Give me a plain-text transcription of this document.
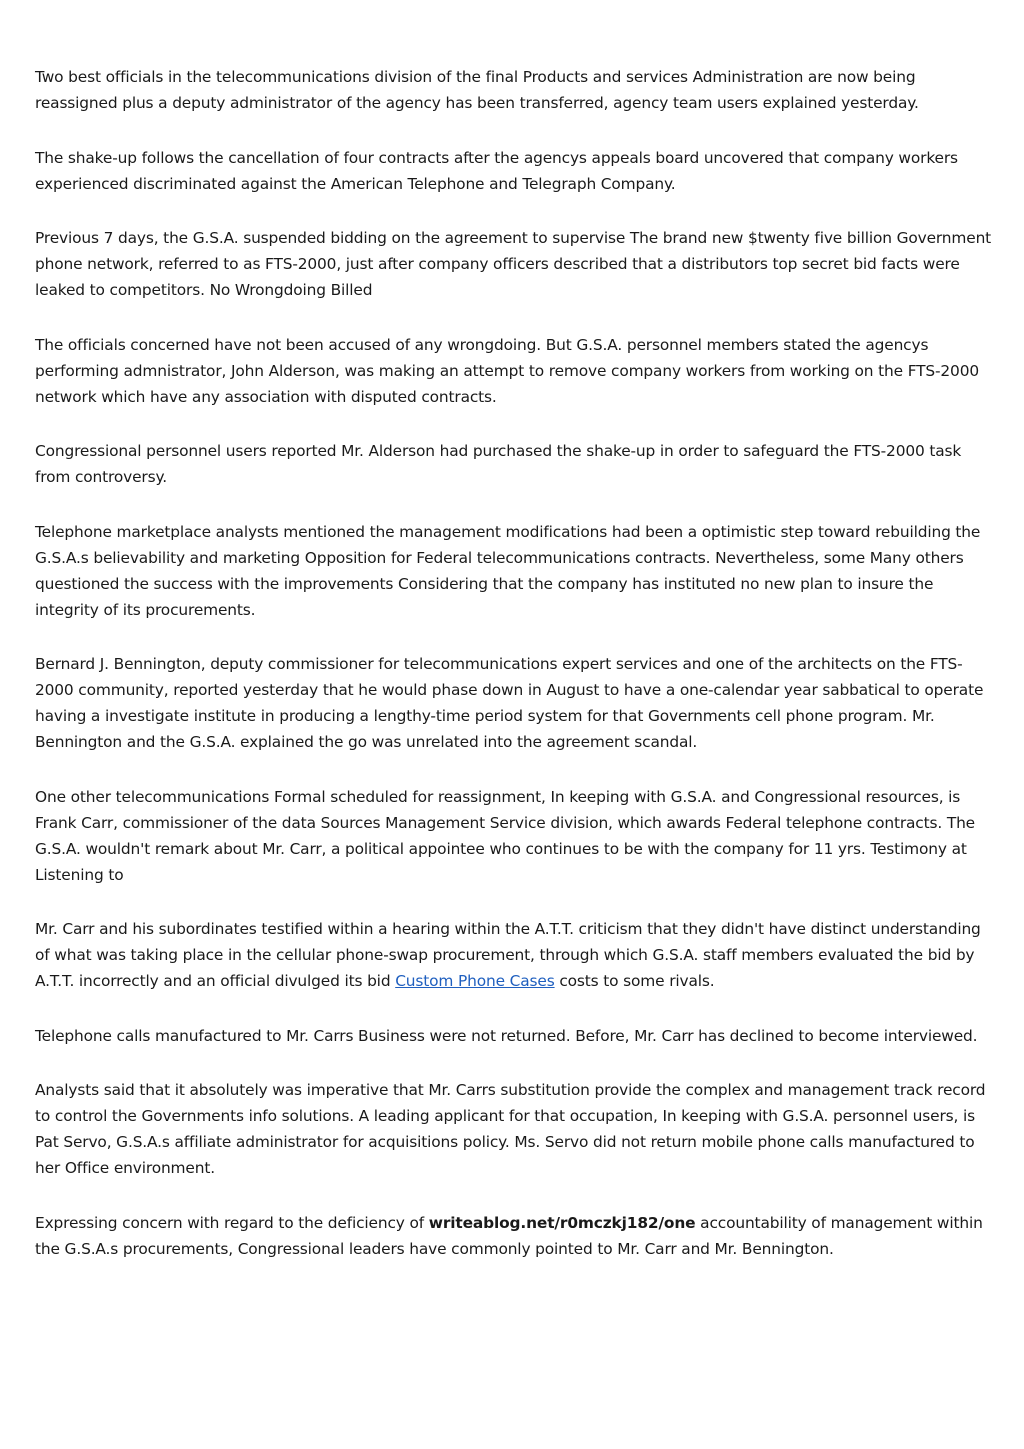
Two best officials in the telecommunications division of the final Products and services Administration are now being reassigned plus a deputy administrator of the agency has been transferred, agency team users explained yesterday.

The shake-up follows the cancellation of four contracts after the agencys appeals board uncovered that company workers experienced discriminated against the American Telephone and Telegraph Company.

Previous 7 days, the G.S.A. suspended bidding on the agreement to supervise The brand new $twenty five billion Government phone network, referred to as FTS-2000, just after company officers described that a distributors top secret bid facts were leaked to competitors. No Wrongdoing Billed

The officials concerned have not been accused of any wrongdoing. But G.S.A. personnel members stated the agencys performing admnistrator, John Alderson, was making an attempt to remove company workers from working on the FTS-2000 network which have any association with disputed contracts.

Congressional personnel users reported Mr. Alderson had purchased the shake-up in order to safeguard the FTS-2000 task from controversy.

Telephone marketplace analysts mentioned the management modifications had been a optimistic step toward rebuilding the G.S.A.s believability and marketing Opposition for Federal telecommunications contracts. Nevertheless, some Many others questioned the success with the improvements Considering that the company has instituted no new plan to insure the integrity of its procurements.

Bernard J. Bennington, deputy commissioner for telecommunications expert services and one of the architects on the FTS-2000 community, reported yesterday that he would phase down in August to have a one-calendar year sabbatical to operate having a investigate institute in producing a lengthy-time period system for that Governments cell phone program. Mr. Bennington and the G.S.A. explained the go was unrelated into the agreement scandal.

One other telecommunications Formal scheduled for reassignment, In keeping with G.S.A. and Congressional resources, is Frank Carr, commissioner of the data Sources Management Service division, which awards Federal telephone contracts. The G.S.A. wouldn't remark about Mr. Carr, a political appointee who continues to be with the company for 11 yrs. Testimony at Listening to

Mr. Carr and his subordinates testified within a hearing within the A.T.T. criticism that they didn't have distinct understanding of what was taking place in the cellular phone-swap procurement, through which G.S.A. staff members evaluated the bid by A.T.T. incorrectly and an official divulged its bid Custom Phone Cases costs to some rivals.

Telephone calls manufactured to Mr. Carrs Business were not returned. Before, Mr. Carr has declined to become interviewed.

Analysts said that it absolutely was imperative that Mr. Carrs substitution provide the complex and management track record to control the Governments info solutions. A leading applicant for that occupation, In keeping with G.S.A. personnel users, is Pat Servo, G.S.A.s affiliate administrator for acquisitions policy. Ms. Servo did not return mobile phone calls manufactured to her Office environment.

Expressing concern with regard to the deficiency of writeablog.net/r0mczkj182/one accountability of management within the G.S.A.s procurements, Congressional leaders have commonly pointed to Mr. Carr and Mr. Bennington.
